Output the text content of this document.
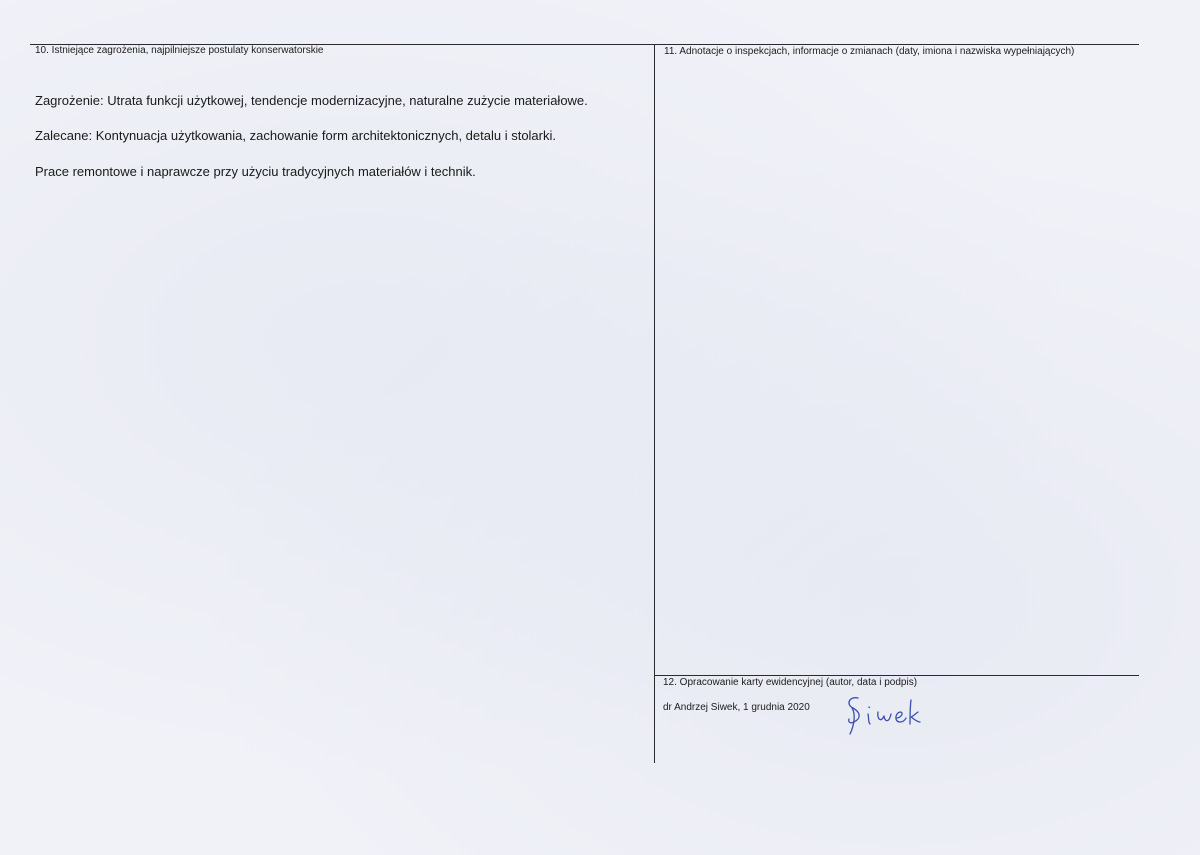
10. Istniejące zagrożenia, najpilniejsze postulaty konserwatorskie
Zagrożenie: Utrata funkcji użytkowej, tendencje modernizacyjne, naturalne zużycie materiałowe.
Zalecane: Kontynuacja użytkowania, zachowanie form architektonicznych, detalu i stolarki.
Prace remontowe i naprawcze przy użyciu tradycyjnych materiałów i technik.
11. Adnotacje o inspekcjach, informacje o zmianach (daty, imiona i nazwiska wypełniających)
12. Opracowanie karty ewidencyjnej (autor, data i podpis)
dr Andrzej Siwek, 1 grudnia 2020
